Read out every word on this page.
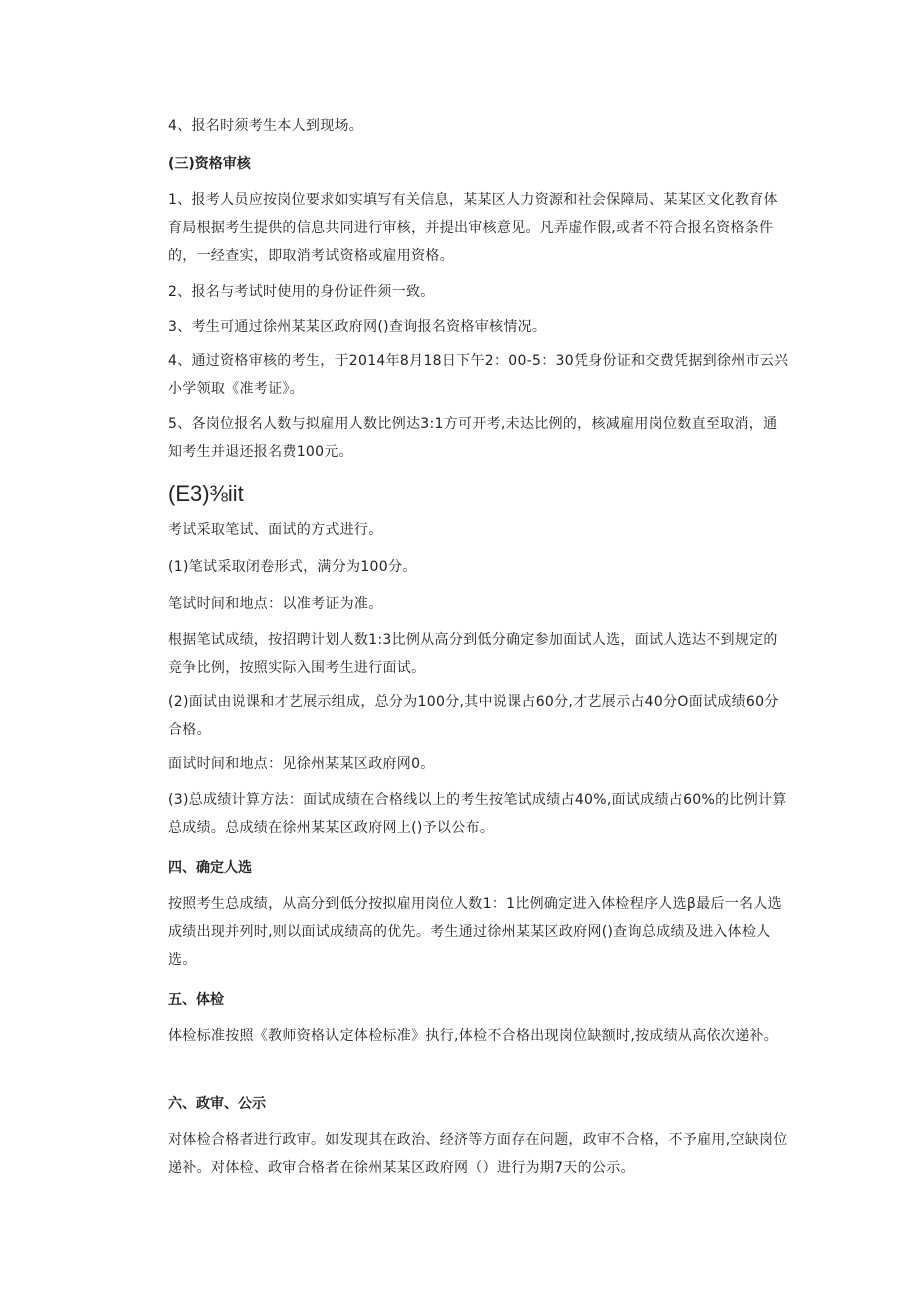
4、报名时须考生本人到现场。

(三)资格审核

1、报考人员应按岗位要求如实填写有关信息，某某区人力资源和社会保障局、某某区文化教育体育局根据考生提供的信息共同进行审核，并提出审核意见。凡弄虚作假,或者不符合报名资格条件的，一经查实，即取消考试资格或雇用资格。

2、报名与考试时使用的身份证件须一致。

3、考生可通过徐州某某区政府网()查询报名资格审核情况。

4、通过资格审核的考生，于2014年8月18日下午2：00-5：30凭身份证和交费凭据到徐州市云兴小学领取《准考证》。

5、各岗位报名人数与拟雇用人数比例达3:1方可开考,未达比例的，核减雇用岗位数直至取消，通知考生并退还报名费100元。

(E3)⅜iit

考试采取笔试、面试的方式进行。

(1)笔试采取闭卷形式，满分为100分。

笔试时间和地点：以准考证为准。

根据笔试成绩，按招聘计划人数1:3比例从高分到低分确定参加面试人选，面试人选达不到规定的竞争比例，按照实际入围考生进行面试。

(2)面试由说课和才艺展示组成，总分为100分,其中说课占60分,才艺展示占40分O面试成绩60分合格。

面试时间和地点：见徐州某某区政府网0。

(3)总成绩计算方法：面试成绩在合格线以上的考生按笔试成绩占40%,面试成绩占60%的比例计算总成绩。总成绩在徐州某某区政府网上()予以公布。

四、确定人选

按照考生总成绩，从高分到低分按拟雇用岗位人数1：1比例确定进入体检程序人选β最后一名人选成绩出现并列时,则以面试成绩高的优先。考生通过徐州某某区政府网()查询总成绩及进入体检人选。

五、体检

体检标准按照《教师资格认定体检标准》执行,体检不合格出现岗位缺额时,按成绩从高依次递补。

六、政审、公示

对体检合格者进行政审。如发现其在政治、经济等方面存在问题，政审不合格，不予雇用,空缺岗位递补。对体检、政审合格者在徐州某某区政府网（）进行为期7天的公示。
